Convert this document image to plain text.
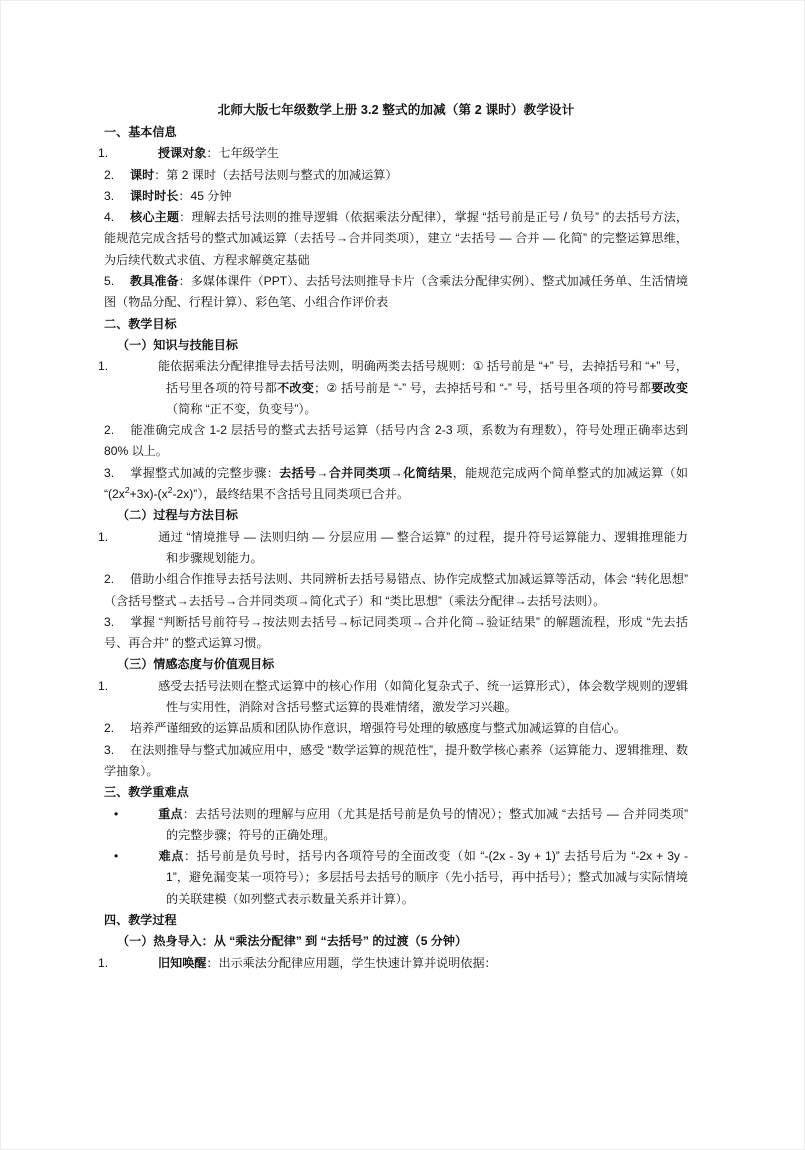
北师大版七年级数学上册 3.2 整式的加减（第 2 课时）教学设计
一、基本信息
1.	授课对象：七年级学生
2. 课时：第 2 课时（去括号法则与整式的加减运算）
3. 课时时长：45 分钟
4. 核心主题：理解去括号法则的推导逻辑（依据乘法分配律），掌握 “括号前是正号 / 负号” 的去括号方法，能规范完成含括号的整式加减运算（去括号→合并同类项），建立 “去括号 — 合并 — 化简” 的完整运算思维，为后续代数式求值、方程求解奠定基础
5. 教具准备：多媒体课件（PPT）、去括号法则推导卡片（含乘法分配律实例）、整式加减任务单、生活情境图（物品分配、行程计算）、彩色笔、小组合作评价表
二、教学目标
（一）知识与技能目标
1.	能依据乘法分配律推导去括号法则，明确两类去括号规则：① 括号前是 “+” 号，去掉括号和 “+” 号，括号里各项的符号都不改变；② 括号前是 “-” 号，去掉括号和 “-” 号，括号里各项的符号都要改变（简称 “正不变，负变号”）。
2. 能准确完成含 1-2 层括号的整式去括号运算（括号内含 2-3 项，系数为有理数），符号处理正确率达到 80% 以上。
3. 掌握整式加减的完整步骤：去括号→合并同类项→化简结果，能规范完成两个简单整式的加减运算（如 “$(2x^2+3x)-(x^2-2x)$”），最终结果不含括号且同类项已合并。
（二）过程与方法目标
1.	通过 “情境推导 — 法则归纳 — 分层应用 — 整合运算” 的过程，提升符号运算能力、逻辑推理能力和步骤规划能力。
2. 借助小组合作推导去括号法则、共同辨析去括号易错点、协作完成整式加减运算等活动，体会 “转化思想”（含括号整式→去括号→合并同类项→简化式子）和 “类比思想”（乘法分配律→去括号法则）。
3. 掌握 “判断括号前符号→按法则去括号→标记同类项→合并化简→验证结果” 的解题流程，形成 “先去括号、再合并” 的整式运算习惯。
（三）情感态度与价值观目标
1.	感受去括号法则在整式运算中的核心作用（如简化复杂式子、统一运算形式），体会数学规则的逻辑性与实用性，消除对含括号整式运算的畏难情绪，激发学习兴趣。
2. 培养严谨细致的运算品质和团队协作意识，增强符号处理的敏感度与整式加减运算的自信心。
3. 在法则推导与整式加减应用中，感受 “数学运算的规范性”，提升数学核心素养（运算能力、逻辑推理、数学抽象）。
三、教学重难点
•	重点：去括号法则的理解与应用（尤其是括号前是负号的情况）；整式加减 “去括号 — 合并同类项” 的完整步骤；符号的正确处理。
•	难点：括号前是负号时，括号内各项符号的全面改变（如 “-(2x - 3y + 1)” 去括号后为 “-2x + 3y - 1”，避免漏变某一项符号）；多层括号去括号的顺序（先小括号，再中括号）；整式加减与实际情境的关联建模（如列整式表示数量关系并计算）。
四、教学过程
（一）热身导入：从 “乘法分配律” 到 “去括号” 的过渡（5 分钟）
1.	旧知唤醒：出示乘法分配律应用题，学生快速计算并说明依据：
